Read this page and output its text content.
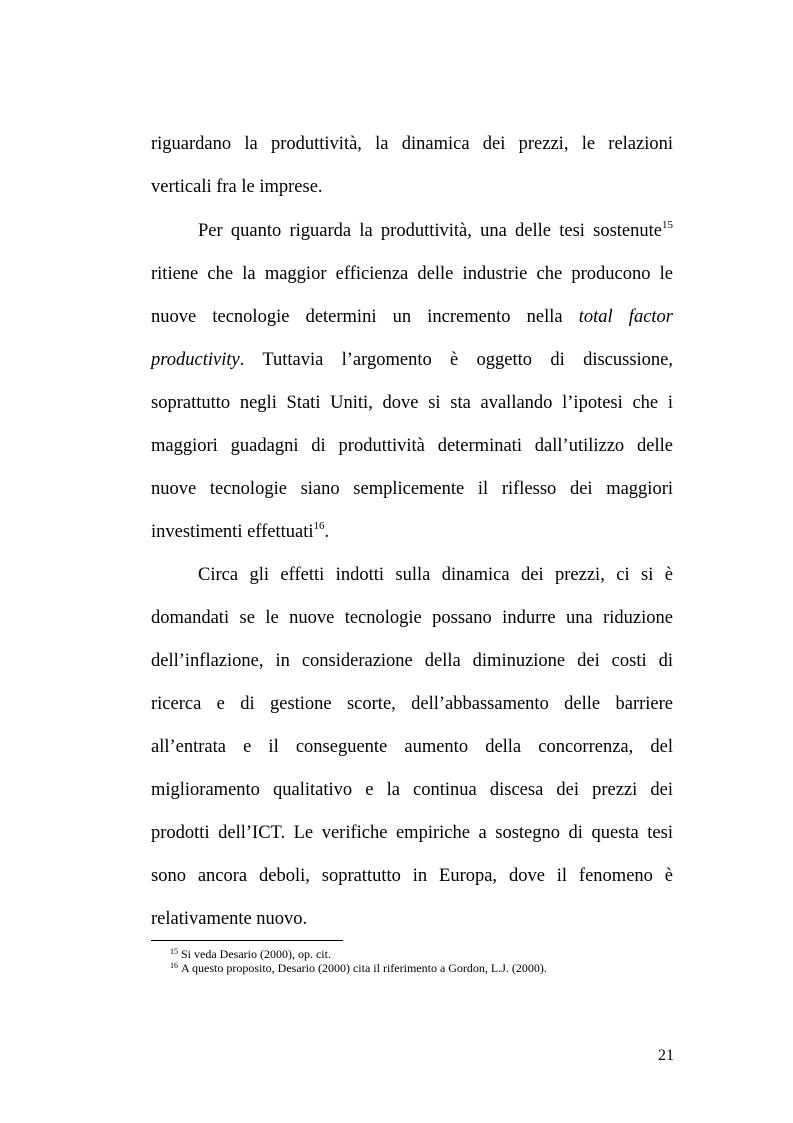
riguardano la produttività, la dinamica dei prezzi, le relazioni
verticali fra le imprese.
Per quanto riguarda la produttività, una delle tesi sostenute$^{15}$
ritiene che la maggior efficienza delle industrie che producono le
nuove tecnologie determini un incremento nella total factor
productivity. Tuttavia l’argomento è oggetto di discussione,
soprattutto negli Stati Uniti, dove si sta avallando l’ipotesi che i
maggiori guadagni di produttività determinati dall’utilizzo delle
nuove tecnologie siano semplicemente il riflesso dei maggiori
investimenti effettuati$^{16}$.
Circa gli effetti indotti sulla dinamica dei prezzi, ci si è
domandati se le nuove tecnologie possano indurre una riduzione
dell’inflazione, in considerazione della diminuzione dei costi di
ricerca e di gestione scorte, dell’abbassamento delle barriere
all’entrata e il conseguente aumento della concorrenza, del
miglioramento qualitativo e la continua discesa dei prezzi dei
prodotti dell’ICT. Le verifiche empiriche a sostegno di questa tesi
sono ancora deboli, soprattutto in Europa, dove il fenomeno è
relativamente nuovo.
$^{15}$ Si veda Desario (2000), op. cit.
$^{16}$ A questo proposito, Desario (2000) cita il riferimento a Gordon, L.J. (2000).
21
